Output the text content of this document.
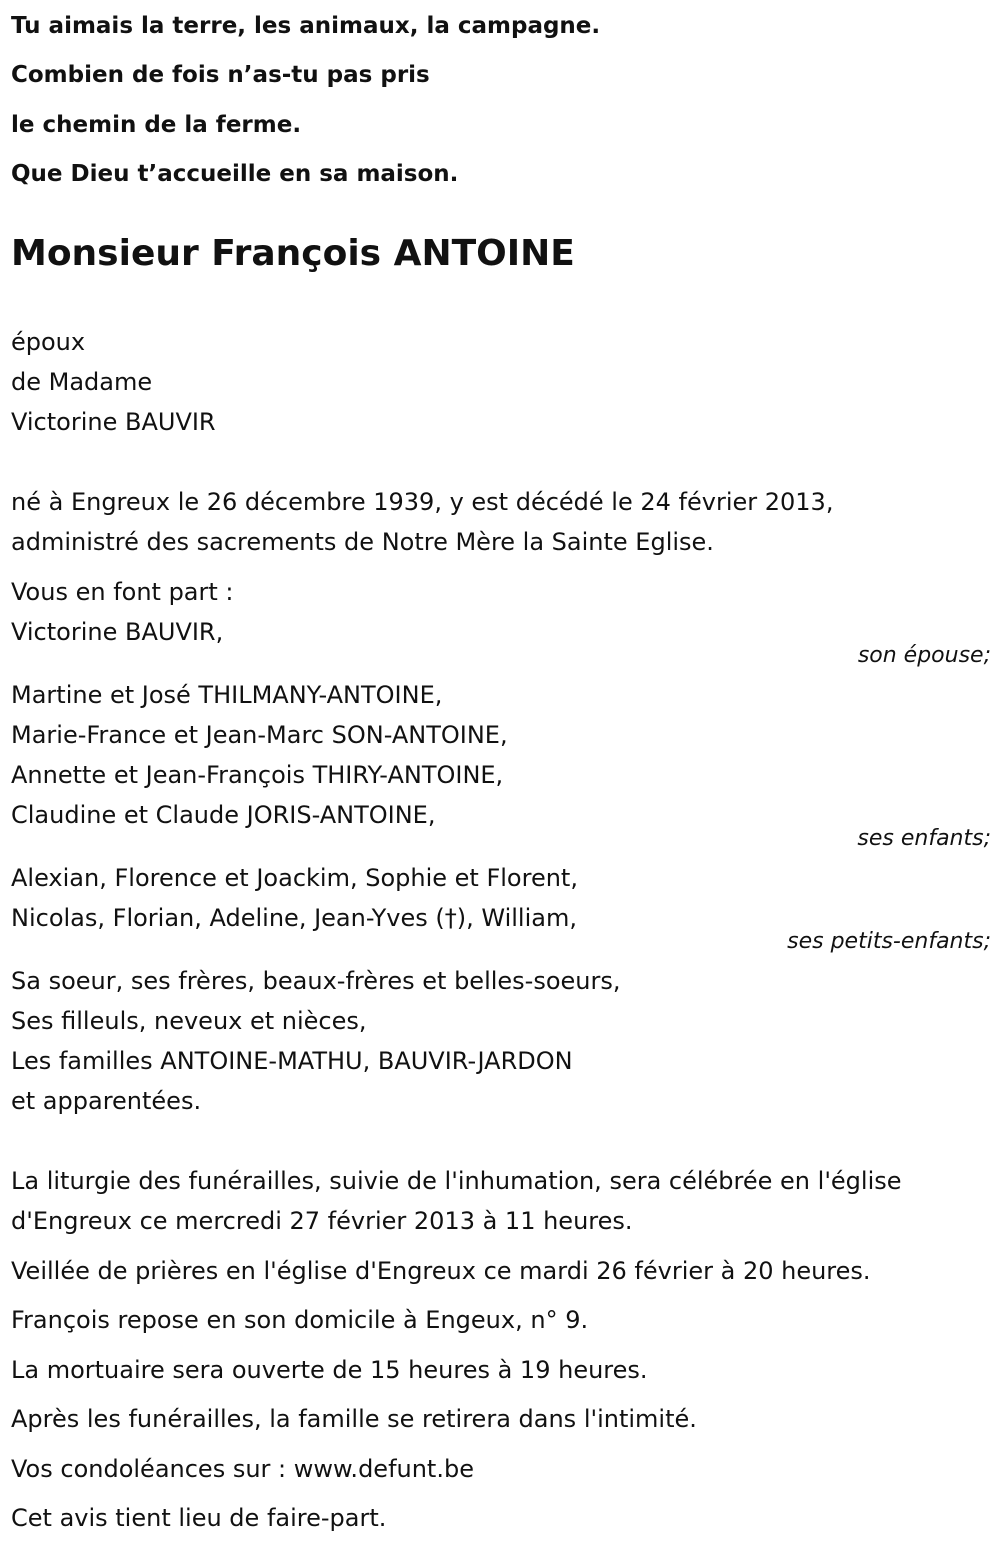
Tu aimais la terre, les animaux, la campagne.
Combien de fois n’as-tu pas pris
le chemin de la ferme.
Que Dieu t’accueille en sa maison.
Monsieur François ANTOINE
époux
de Madame
Victorine BAUVIR
né à Engreux le 26 décembre 1939, y est décédé le 24 février 2013,
administré des sacrements de Notre Mère la Sainte Eglise.
Vous en font part :
Victorine BAUVIR,
son épouse;
Martine et José THILMANY-ANTOINE,
Marie-France et Jean-Marc SON-ANTOINE,
Annette et Jean-François THIRY-ANTOINE,
Claudine et Claude JORIS-ANTOINE,
ses enfants;
Alexian, Florence et Joackim, Sophie et Florent,
Nicolas, Florian, Adeline, Jean-Yves (†), William,
ses petits-enfants;
Sa soeur, ses frères, beaux-frères et belles-soeurs,
Ses filleuls, neveux et nièces,
Les familles ANTOINE-MATHU, BAUVIR-JARDON
et apparentées.
La liturgie des funérailles, suivie de l'inhumation, sera célébrée en l'église
d'Engreux ce mercredi 27 février 2013 à 11 heures.
Veillée de prières en l'église d'Engreux ce mardi 26 février à 20 heures.
François repose en son domicile à Engeux, n° 9.
La mortuaire sera ouverte de 15 heures à 19 heures.
Après les funérailles, la famille se retirera dans l'intimité.
Vos condoléances sur : www.defunt.be
Cet avis tient lieu de faire-part.
